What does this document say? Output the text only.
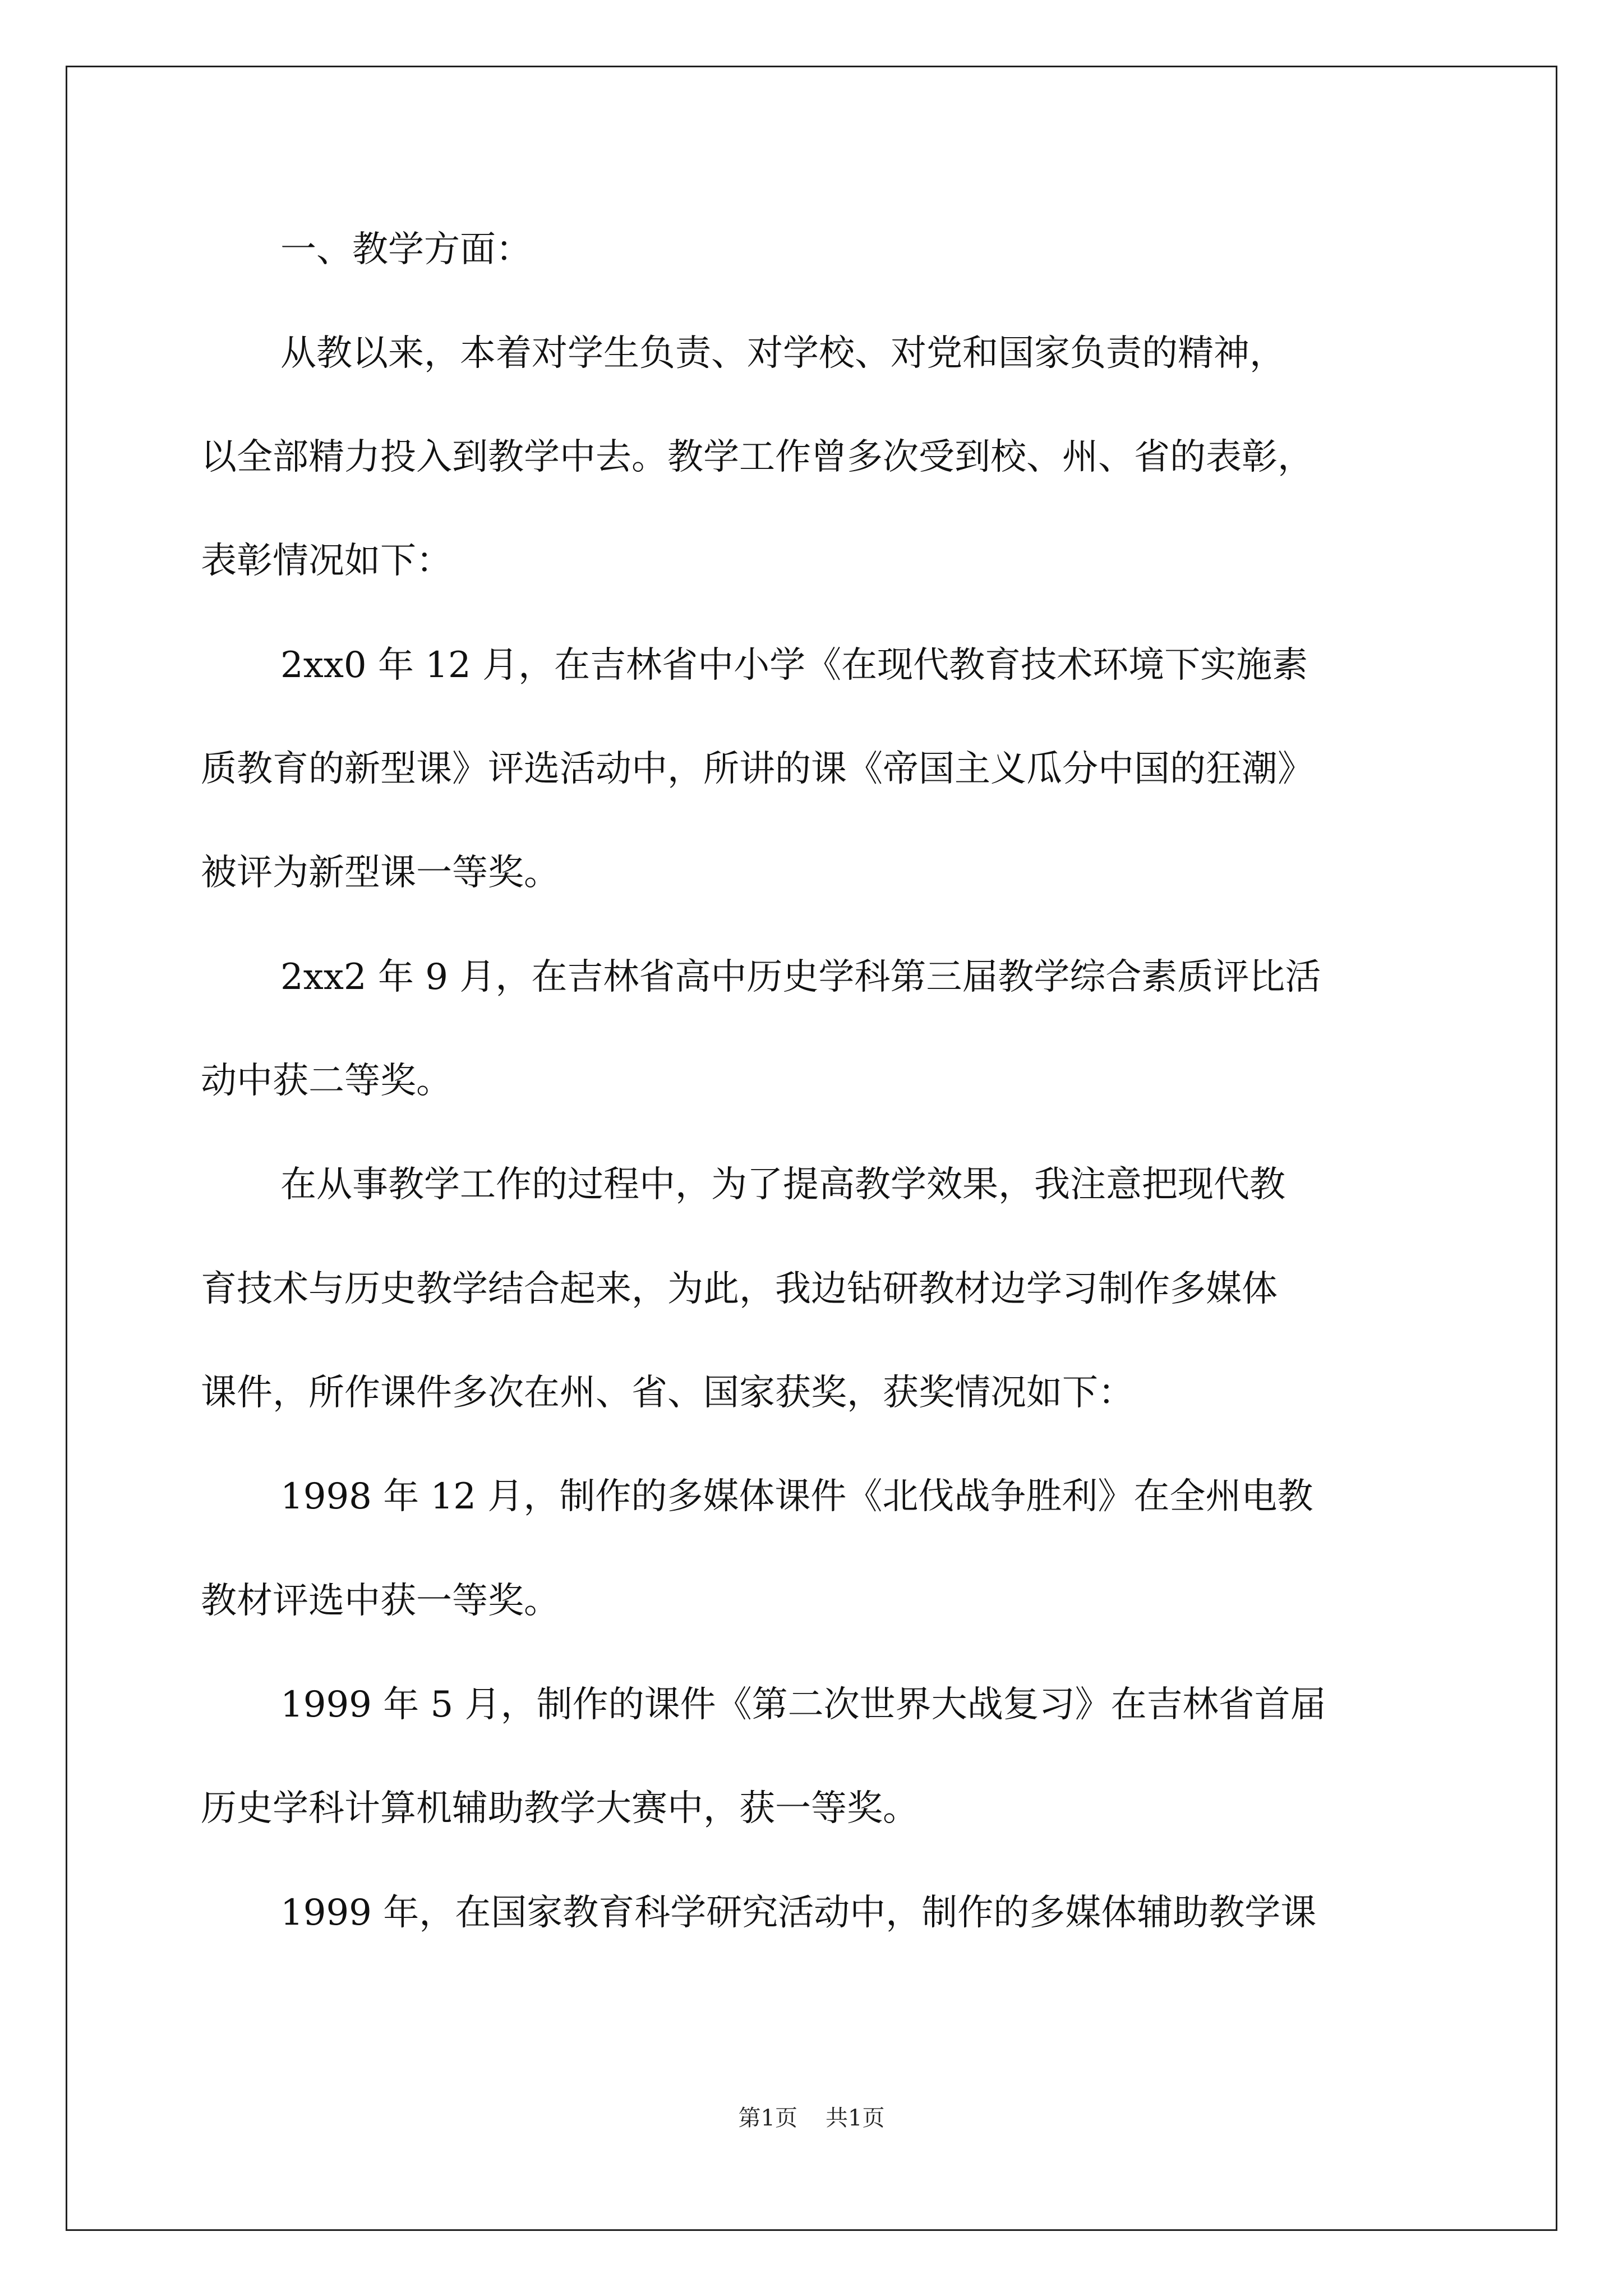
一、教学方面：
从教以来，本着对学生负责、对学校、对党和国家负责的精神，
以全部精力投入到教学中去。教学工作曾多次受到校、州、省的表彰，
表彰情况如下：
2xx0 年 12 月，在吉林省中小学《在现代教育技术环境下实施素
质教育的新型课》评选活动中，所讲的课《帝国主义瓜分中国的狂潮》
被评为新型课一等奖。
2xx2 年 9 月，在吉林省高中历史学科第三届教学综合素质评比活
动中获二等奖。
在从事教学工作的过程中，为了提高教学效果，我注意把现代教
育技术与历史教学结合起来，为此，我边钻研教材边学习制作多媒体
课件，所作课件多次在州、省、国家获奖，获奖情况如下：
1998 年 12 月，制作的多媒体课件《北伐战争胜利》在全州电教
教材评选中获一等奖。
1999 年 5 月，制作的课件《第二次世界大战复习》在吉林省首届
历史学科计算机辅助教学大赛中，获一等奖。
1999 年，在国家教育科学研究活动中，制作的多媒体辅助教学课
第1页 共1页
